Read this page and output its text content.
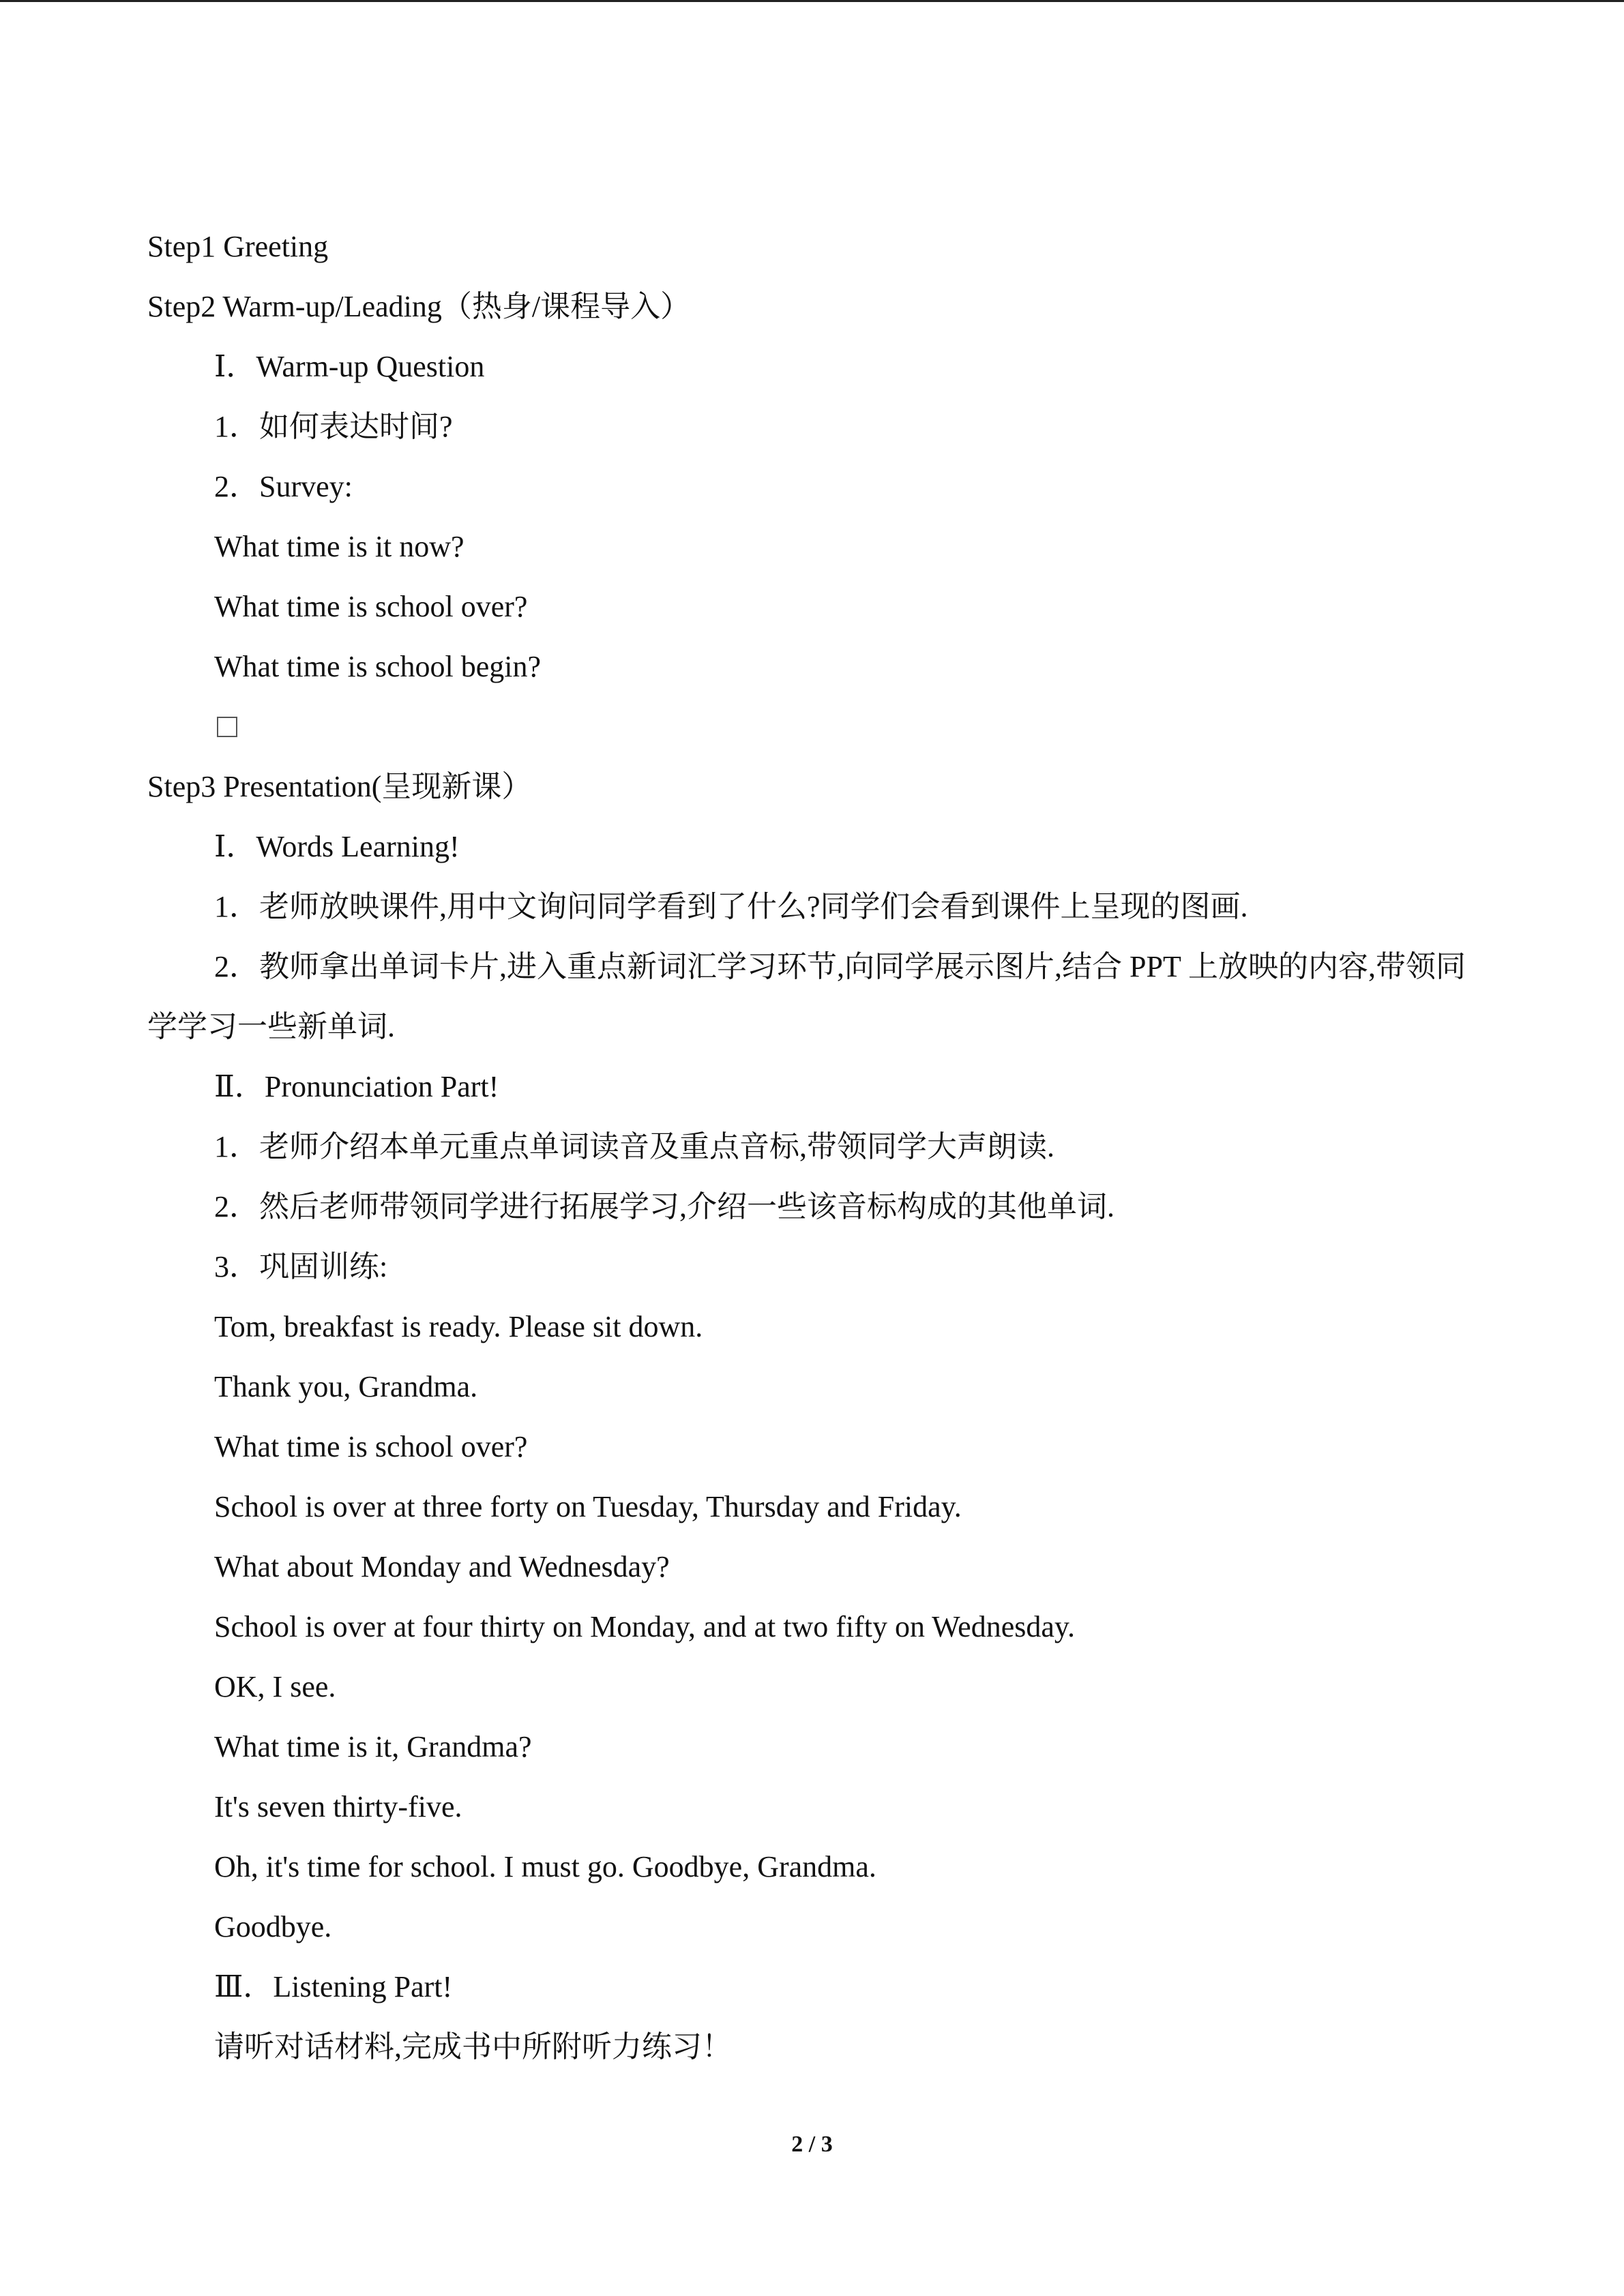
Step1 Greeting

Step2 Warm-up/Leading（热身/课程导入）

Ⅰ．Warm-up Question

1．如何表达时间?

2．Survey:

What time is it now?

What time is school over?

What time is school begin?

Step3 Presentation(呈现新课）

Ⅰ．Words Learning!

1．老师放映课件,用中文询问同学看到了什么?同学们会看到课件上呈现的图画.

2．教师拿出单词卡片,进入重点新词汇学习环节,向同学展示图片,结合 PPT 上放映的内容,带领同学学习一些新单词.

Ⅱ．Pronunciation Part!

1．老师介绍本单元重点单词读音及重点音标,带领同学大声朗读.

2．然后老师带领同学进行拓展学习,介绍一些该音标构成的其他单词.

3．巩固训练:

Tom, breakfast is ready. Please sit down.

Thank you, Grandma.

What time is school over?

School is over at three forty on Tuesday, Thursday and Friday.

What about Monday and Wednesday?

School is over at four thirty on Monday, and at two fifty on Wednesday.

OK, I see.

What time is it, Grandma?

It's seven thirty-five.

Oh, it's time for school. I must go. Goodbye, Grandma.

Goodbye.

Ⅲ．Listening Part!

请听对话材料,完成书中所附听力练习！

2 / 3
